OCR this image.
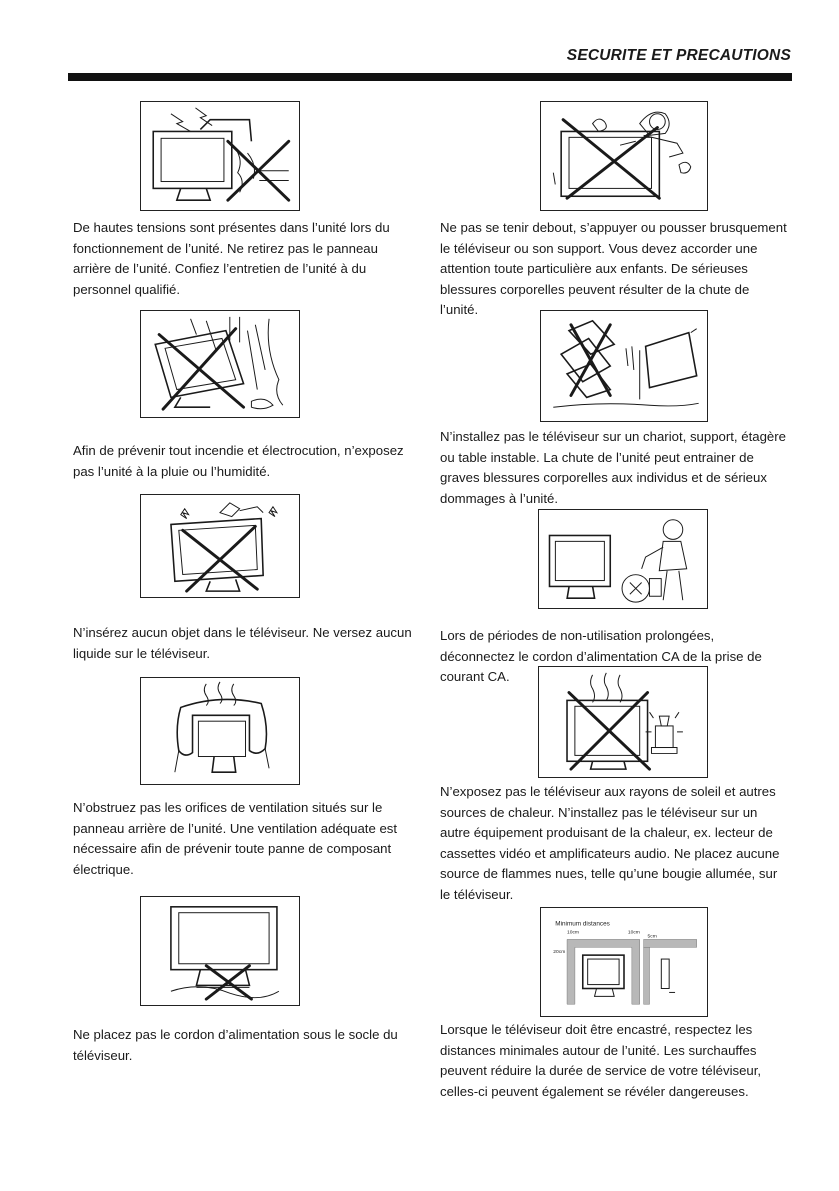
SECURITE ET PRECAUTIONS

De hautes tensions sont présentes dans l’unité lors du fonctionnement de l’unité. Ne retirez pas le panneau arrière de l’unité. Confiez l’entretien de l’unité à du personnel qualifié.

Afin de prévenir tout incendie et électrocution, n’exposez pas l’unité à la pluie ou l’humidité.

N’insérez aucun objet dans le téléviseur. Ne versez aucun liquide sur le téléviseur.

N’obstruez pas les orifices de ventilation situés sur le panneau arrière de l’unité. Une ventilation adéquate est nécessaire afin de prévenir toute panne de composant électrique.

Ne placez pas le cordon d’alimentation sous le socle du téléviseur.

Ne pas se tenir debout, s’appuyer ou pousser brusquement le téléviseur ou son support. Vous devez accorder une attention toute particulière aux enfants. De sérieuses blessures corporelles peuvent résulter de la chute de l’unité.

N’installez pas le téléviseur sur un chariot, support, étagère ou table instable. La chute de l’unité peut entrainer de graves blessures corporelles aux individus et de sérieux dommages à l’unité.

Lors de périodes de non-utilisation prolongées, déconnectez le cordon d’alimentation CA de la prise de courant CA.

N’exposez pas le téléviseur aux rayons de soleil et autres sources de chaleur. N’installez pas le téléviseur sur un autre équipement produisant de la chaleur, ex. lecteur de cassettes vidéo et amplificateurs audio. Ne placez aucune source de flammes nues, telle qu’une bougie allumée, sur le téléviseur.

Minimum distances
10cm	10cm
5cm
20cm

Lorsque le téléviseur doit être encastré, respectez les distances minimales autour de l’unité. Les surchauffes peuvent réduire la durée de service de votre téléviseur, celles-ci peuvent également se révéler dangereuses.
